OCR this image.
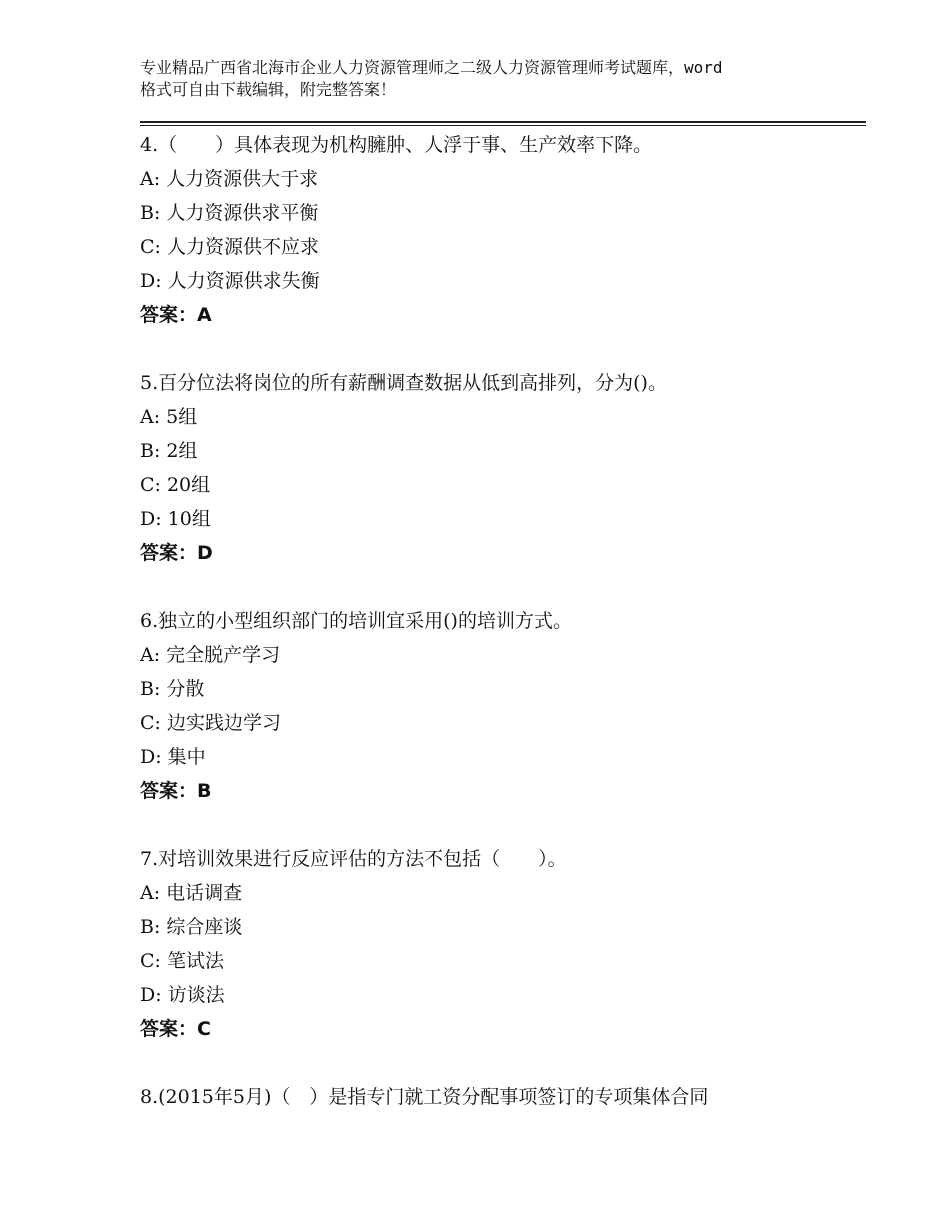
专业精品广西省北海市企业人力资源管理师之二级人力资源管理师考试题库，word
格式可自由下载编辑，附完整答案！
4.（　　）具体表现为机构臃肿、人浮于事、生产效率下降。
A: 人力资源供大于求
B: 人力资源供求平衡
C: 人力资源供不应求
D: 人力资源供求失衡
答案：A
5.百分位法将岗位的所有薪酬调查数据从低到高排列，分为()。
A: 5组
B: 2组
C: 20组
D: 10组
答案：D
6.独立的小型组织部门的培训宜采用()的培训方式。
A: 完全脱产学习
B: 分散
C: 边实践边学习
D: 集中
答案：B
7.对培训效果进行反应评估的方法不包括（　　）。
A: 电话调查
B: 综合座谈
C: 笔试法
D: 访谈法
答案：C
8.(2015年5月)（　）是指专门就工资分配事项签订的专项集体合同
